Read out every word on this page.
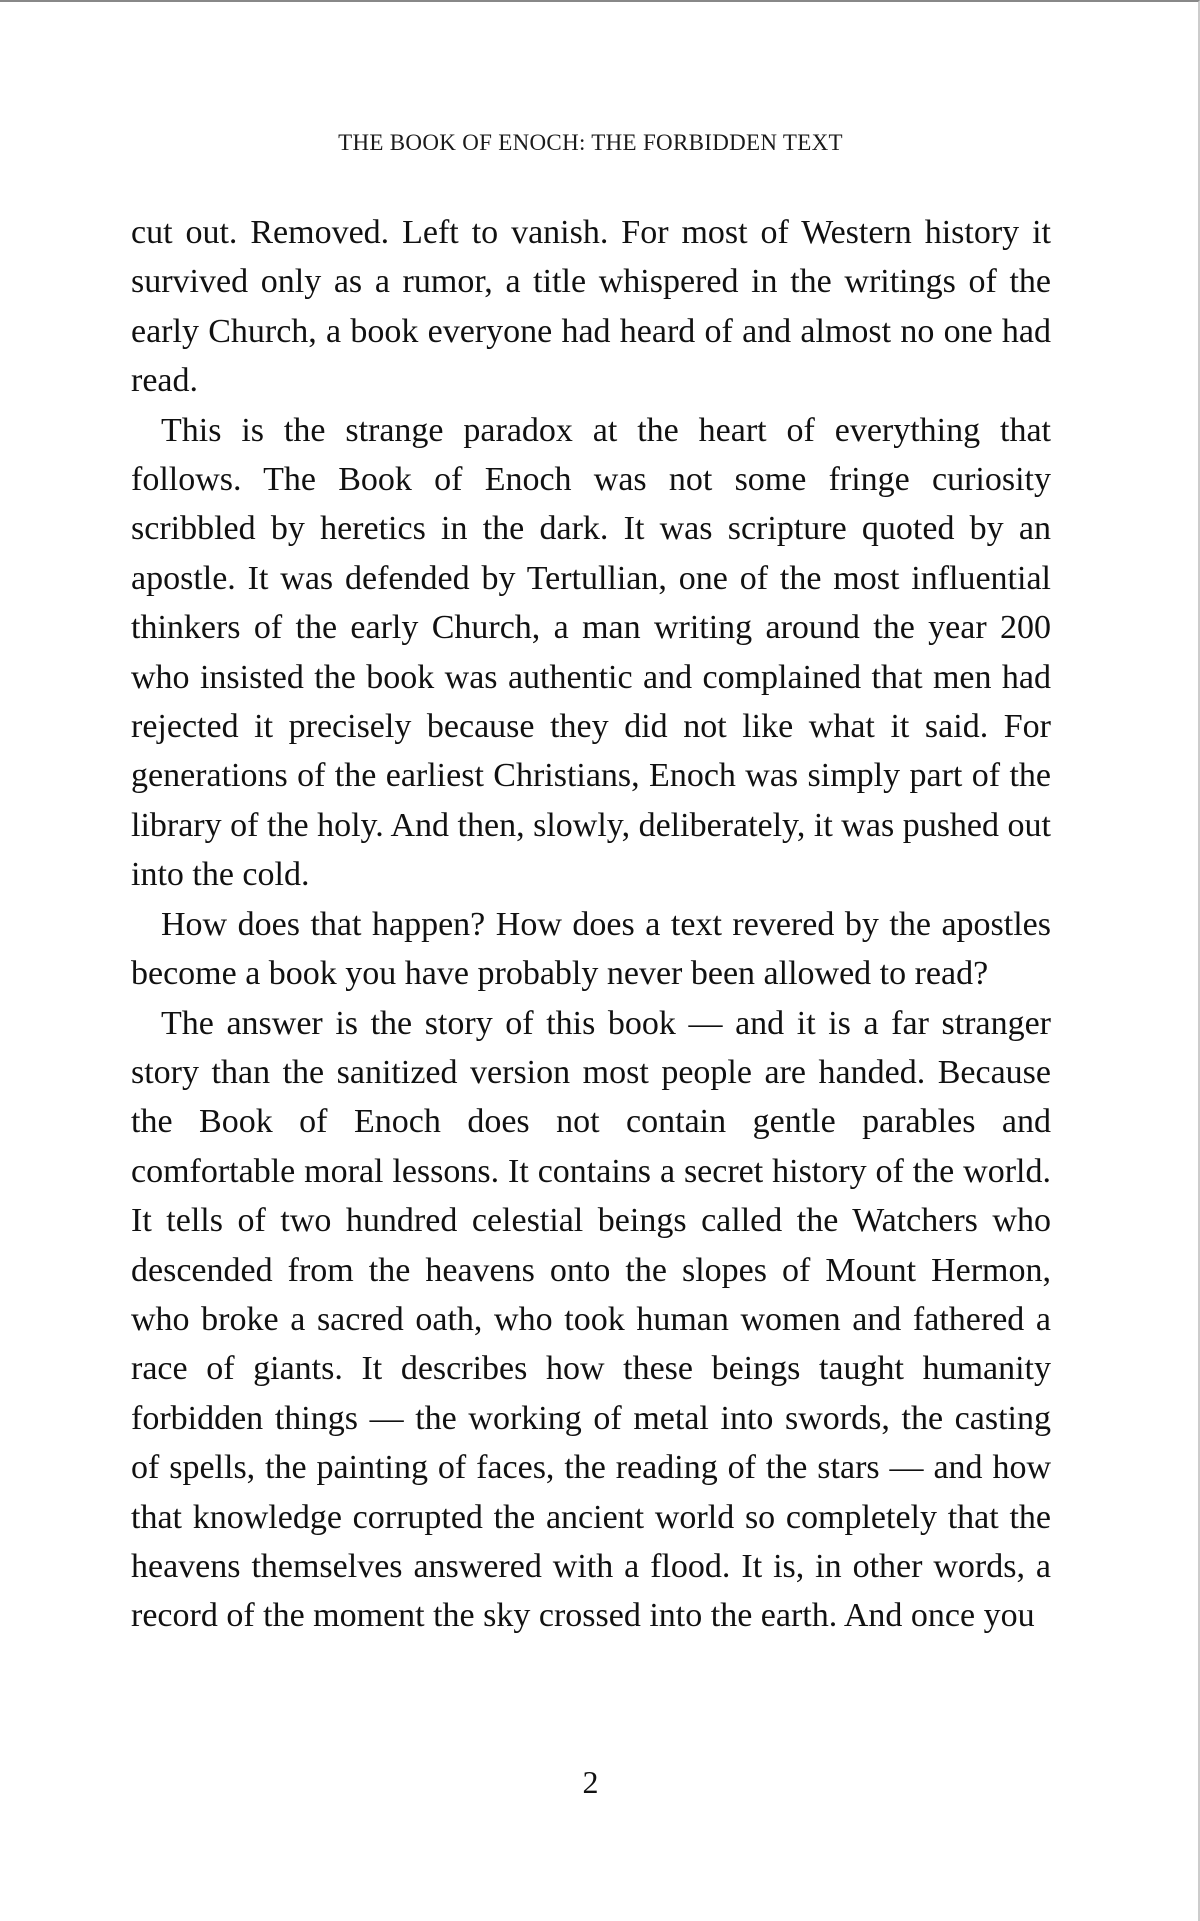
THE BOOK OF ENOCH: THE FORBIDDEN TEXT

cut out. Removed. Left to vanish. For most of Western history it survived only as a rumor, a title whispered in the writings of the early Church, a book everyone had heard of and almost no one had read.

This is the strange paradox at the heart of everything that follows. The Book of Enoch was not some fringe curiosity scribbled by heretics in the dark. It was scripture quoted by an apostle. It was defended by Tertullian, one of the most influential thinkers of the early Church, a man writing around the year 200 who insisted the book was authentic and complained that men had rejected it precisely because they did not like what it said. For generations of the earliest Christians, Enoch was simply part of the library of the holy. And then, slowly, deliberately, it was pushed out into the cold.

How does that happen? How does a text revered by the apostles become a book you have probably never been allowed to read?

The answer is the story of this book — and it is a far stranger story than the sanitized version most people are handed. Because the Book of Enoch does not contain gentle parables and comfortable moral lessons. It contains a secret history of the world. It tells of two hundred celestial beings called the Watchers who descended from the heavens onto the slopes of Mount Hermon, who broke a sacred oath, who took human women and fathered a race of giants. It describes how these beings taught humanity forbidden things — the working of metal into swords, the casting of spells, the painting of faces, the reading of the stars — and how that knowledge corrupted the ancient world so completely that the heavens themselves answered with a flood. It is, in other words, a record of the moment the sky crossed into the earth. And once you

2
